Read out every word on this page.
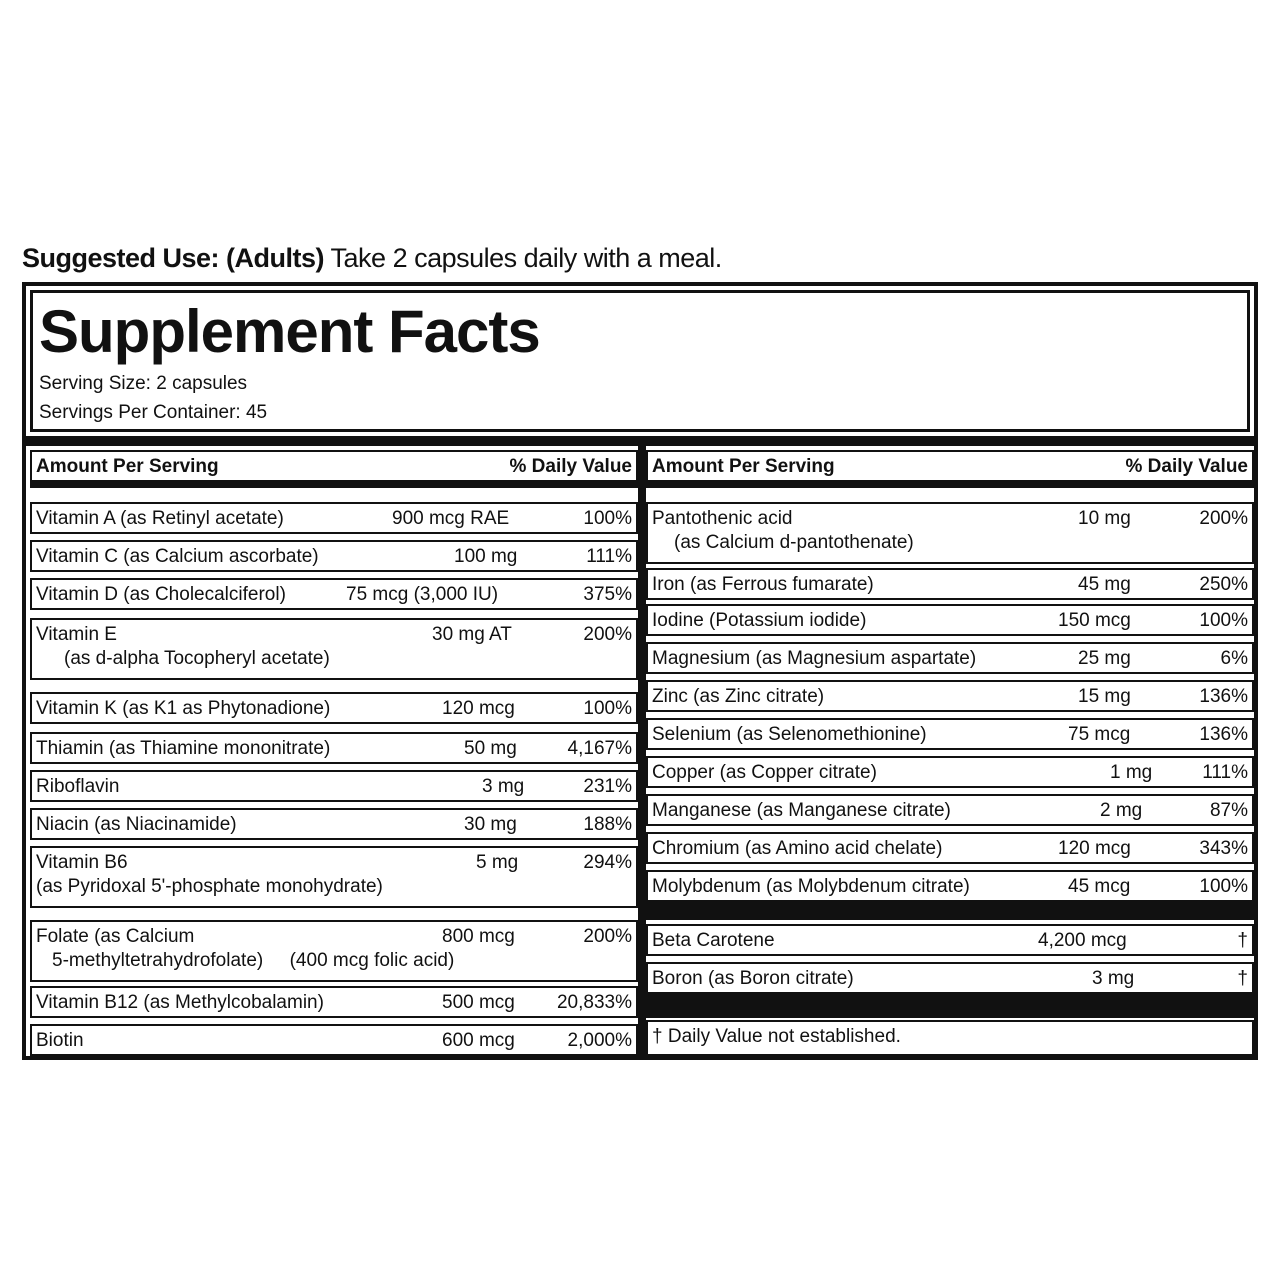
Suggested Use: (Adults) Take 2 capsules daily with a meal.
Supplement Facts
Serving Size: 2 capsules
Servings Per Container: 45
Amount Per Serving	% Daily Value
Vitamin A (as Retinyl acetate)	900 mcg RAE	100%
Vitamin C (as Calcium ascorbate)	100 mg	111%
Vitamin D (as Cholecalciferol)	75 mcg (3,000 IU)	375%
Vitamin E
(as d-alpha Tocopheryl acetate)
30 mg AT	200%
Vitamin K (as K1 as Phytonadione)	120 mcg	100%
Thiamin (as Thiamine mononitrate)	50 mg	4,167%
Riboflavin	3 mg	231%
Niacin (as Niacinamide)	30 mg	188%
Vitamin B6
(as Pyridoxal 5'-phosphate monohydrate)
5 mg	294%
Folate (as Calcium
5-methyltetrahydrofolate)     (400 mcg folic acid)
800 mcg	200%
Vitamin B12 (as Methylcobalamin)	500 mcg 20,833%
Biotin	600 mcg	2,000%
Amount Per Serving	% Daily Value
Pantothenic acid
(as Calcium d-pantothenate)
10 mg	200%
Iron (as Ferrous fumarate)	45 mg	250%
Iodine (Potassium iodide)	150 mcg	100%
Magnesium (as Magnesium aspartate)	25 mg	6%
Zinc (as Zinc citrate)	15 mg	136%
Selenium (as Selenomethionine)	75 mcg	136%
Copper (as Copper citrate)	1 mg	111%
Manganese (as Manganese citrate)	2 mg	87%
Chromium (as Amino acid chelate)	120 mcg	343%
Molybdenum (as Molybdenum citrate)	45 mcg	100%
Beta Carotene	4,200 mcg	†
Boron (as Boron citrate)	3 mg	†
† Daily Value not established.
